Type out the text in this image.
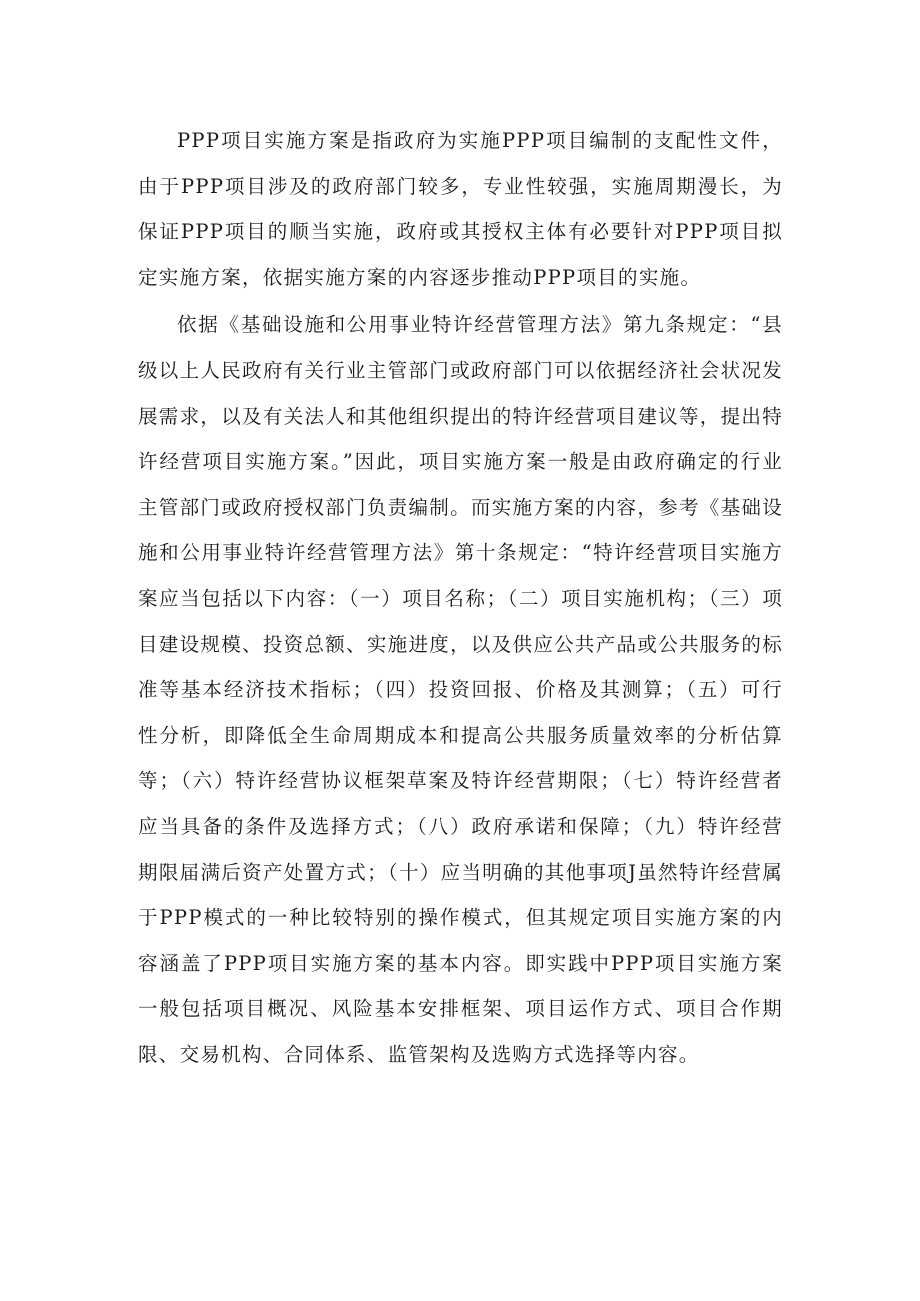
PPP项目实施方案是指政府为实施PPP项目编制的支配性文件，由于PPP项目涉及的政府部门较多，专业性较强，实施周期漫长，为保证PPP项目的顺当实施，政府或其授权主体有必要针对PPP项目拟定实施方案，依据实施方案的内容逐步推动PPP项目的实施。

依据《基础设施和公用事业特许经营管理方法》第九条规定：“县级以上人民政府有关行业主管部门或政府部门可以依据经济社会状况发展需求，以及有关法人和其他组织提出的特许经营项目建议等，提出特许经营项目实施方案。”因此，项目实施方案一般是由政府确定的行业主管部门或政府授权部门负责编制。而实施方案的内容，参考《基础设施和公用事业特许经营管理方法》第十条规定：“特许经营项目实施方案应当包括以下内容：（一）项目名称；（二）项目实施机构；（三）项目建设规模、投资总额、实施进度，以及供应公共产品或公共服务的标准等基本经济技术指标；（四）投资回报、价格及其测算；（五）可行性分析，即降低全生命周期成本和提高公共服务质量效率的分析估算等；（六）特许经营协议框架草案及特许经营期限；（七）特许经营者应当具备的条件及选择方式；（八）政府承诺和保障；（九）特许经营期限届满后资产处置方式；（十）应当明确的其他事项J虽然特许经营属于PPP模式的一种比较特别的操作模式，但其规定项目实施方案的内容涵盖了PPP项目实施方案的基本内容。即实践中PPP项目实施方案一般包括项目概况、风险基本安排框架、项目运作方式、项目合作期限、交易机构、合同体系、监管架构及选购方式选择等内容。
